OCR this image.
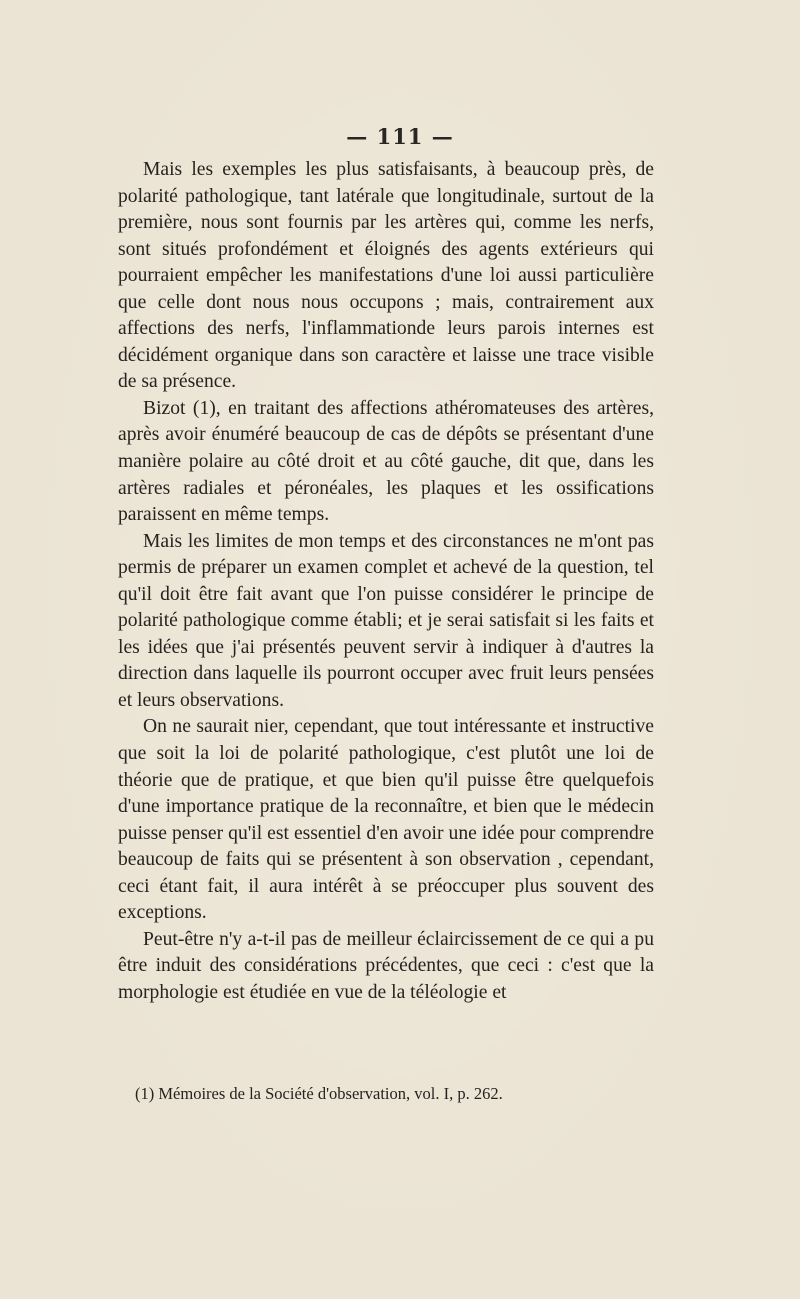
— 111 —

Mais les exemples les plus satisfaisants, à beaucoup près, de polarité pathologique, tant latérale que longitudinale, surtout de la première, nous sont fournis par les artères qui, comme les nerfs, sont situés profondément et éloignés des agents extérieurs qui pourraient empêcher les manifestations d'une loi aussi particulière que celle dont nous nous occupons ; mais, contrairement aux affections des nerfs, l'inflammationde leurs parois internes est décidément organique dans son caractère et laisse une trace visible de sa présence.

Bizot (1), en traitant des affections athéromateuses des artères, après avoir énuméré beaucoup de cas de dépôts se présentant d'une manière polaire au côté droit et au côté gauche, dit que, dans les artères radiales et péronéales, les plaques et les ossifications paraissent en même temps.

Mais les limites de mon temps et des circonstances ne m'ont pas permis de préparer un examen complet et achevé de la question, tel qu'il doit être fait avant que l'on puisse considérer le principe de polarité pathologique comme établi; et je serai satisfait si les faits et les idées que j'ai présentés peuvent servir à indiquer à d'autres la direction dans laquelle ils pourront occuper avec fruit leurs pensées et leurs observations.

On ne saurait nier, cependant, que tout intéressante et instructive que soit la loi de polarité pathologique, c'est plutôt une loi de théorie que de pratique, et que bien qu'il puisse être quelquefois d'une importance pratique de la reconnaître, et bien que le médecin puisse penser qu'il est essentiel d'en avoir une idée pour comprendre beaucoup de faits qui se présentent à son observation , cependant, ceci étant fait, il aura intérêt à se préoccuper plus souvent des exceptions.

Peut-être n'y a-t-il pas de meilleur éclaircissement de ce qui a pu être induit des considérations précédentes, que ceci : c'est que la morphologie est étudiée en vue de la téléologie et

(1) Mémoires de la Société d'observation, vol. I, p. 262.
